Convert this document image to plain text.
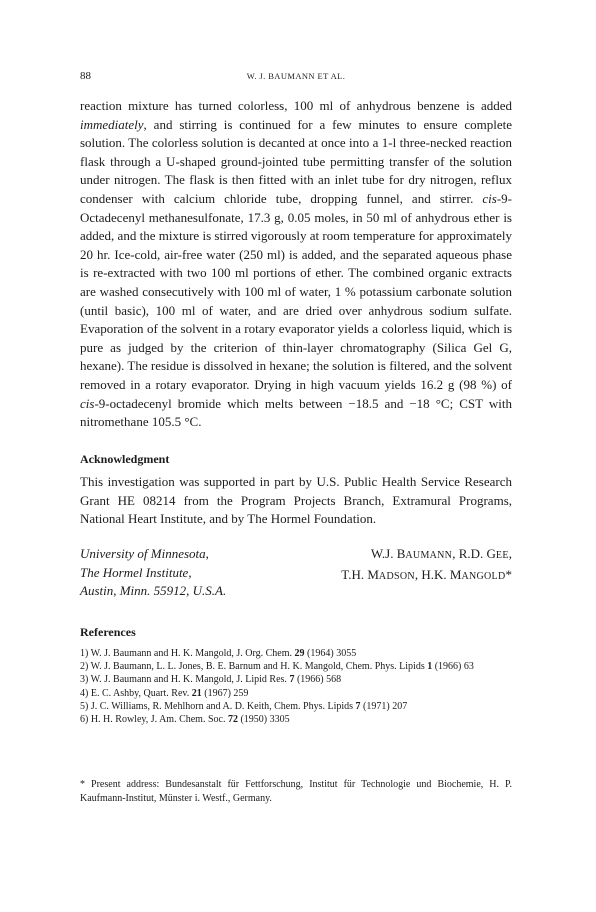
88	W. J. BAUMANN ET AL.

reaction mixture has turned colorless, 100 ml of anhydrous benzene is added immediately, and stirring is continued for a few minutes to ensure complete solution. The colorless solution is decanted at once into a 1-l three-necked reaction flask through a U-shaped ground-jointed tube permitting transfer of the solution under nitrogen. The flask is then fitted with an inlet tube for dry nitrogen, reflux condenser with calcium chloride tube, dropping funnel, and stirrer. cis-9-Octadecenyl methanesulfonate, 17.3 g, 0.05 moles, in 50 ml of anhydrous ether is added, and the mixture is stirred vigorously at room temperature for approximately 20 hr. Ice-cold, air-free water (250 ml) is added, and the separated aqueous phase is re-extracted with two 100 ml portions of ether. The combined organic extracts are washed consecutively with 100 ml of water, 1 % potassium carbonate solution (until basic), 100 ml of water, and are dried over anhydrous sodium sulfate. Evaporation of the solvent in a rotary evaporator yields a colorless liquid, which is pure as judged by the criterion of thin-layer chromatography (Silica Gel G, hexane). The residue is dissolved in hexane; the solution is filtered, and the solvent removed in a rotary evaporator. Drying in high vacuum yields 16.2 g (98 %) of cis-9-octadecenyl bromide which melts between −18.5 and −18 °C; CST with nitromethane 105.5 °C.

Acknowledgment

This investigation was supported in part by U.S. Public Health Service Research Grant HE 08214 from the Program Projects Branch, Extramural Programs, National Heart Institute, and by The Hormel Foundation.

University of Minnesota,
The Hormel Institute,
Austin, Minn. 55912, U.S.A.
W.J. BAUMANN, R.D. GEE,
T.H. MADSON, H.K. MANGOLD*
References
1) W. J. Baumann and H. K. Mangold, J. Org. Chem. 29 (1964) 3055
2) W. J. Baumann, L. L. Jones, B. E. Barnum and H. K. Mangold, Chem. Phys. Lipids 1 (1966) 63
3) W. J. Baumann and H. K. Mangold, J. Lipid Res. 7 (1966) 568
4) E. C. Ashby, Quart. Rev. 21 (1967) 259
5) J. C. Williams, R. Mehlhorn and A. D. Keith, Chem. Phys. Lipids 7 (1971) 207
6) H. H. Rowley, J. Am. Chem. Soc. 72 (1950) 3305
* Present address: Bundesanstalt für Fettforschung, Institut für Technologie und Biochemie, H. P. Kaufmann-Institut, Münster i. Westf., Germany.
